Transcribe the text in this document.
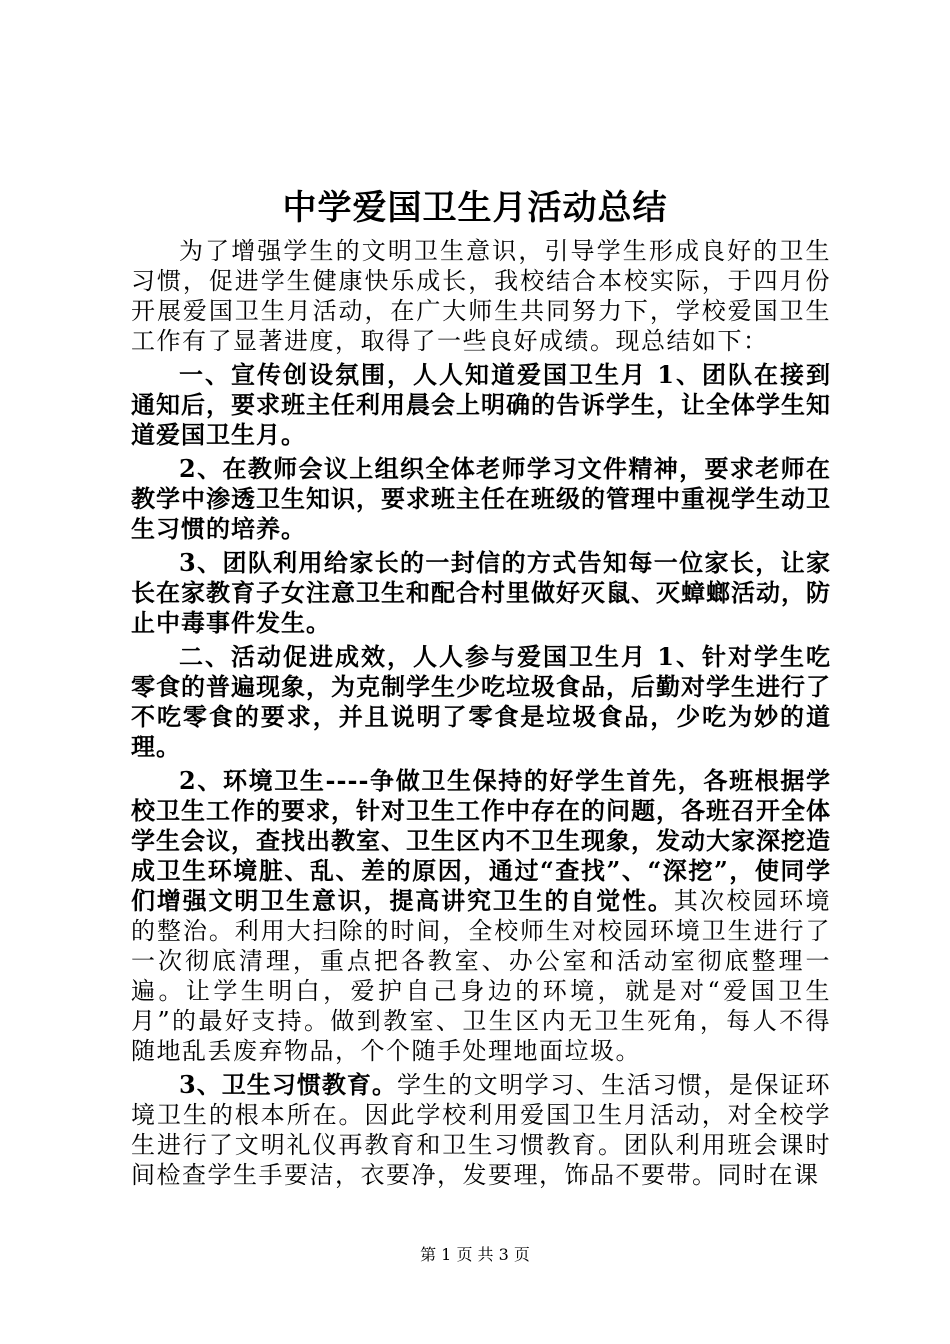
中学爱国卫生月活动总结

为了增强学生的文明卫生意识，引导学生形成良好的卫生习惯，促进学生健康快乐成长，我校结合本校实际，于四月份开展爱国卫生月活动，在广大师生共同努力下，学校爱国卫生工作有了显著进度，取得了一些良好成绩。现总结如下：

一、宣传创设氛围，人人知道爱国卫生月 1、团队在接到通知后，要求班主任利用晨会上明确的告诉学生，让全体学生知道爱国卫生月。

2、在教师会议上组织全体老师学习文件精神，要求老师在教学中渗透卫生知识，要求班主任在班级的管理中重视学生动卫生习惯的培养。

3、团队利用给家长的一封信的方式告知每一位家长，让家长在家教育子女注意卫生和配合村里做好灭鼠、灭蟑螂活动，防止中毒事件发生。

二、活动促进成效，人人参与爱国卫生月 1、针对学生吃零食的普遍现象，为克制学生少吃垃圾食品，后勤对学生进行了不吃零食的要求，并且说明了零食是垃圾食品，少吃为妙的道理。

2、环境卫生----争做卫生保持的好学生首先，各班根据学校卫生工作的要求，针对卫生工作中存在的问题，各班召开全体学生会议，查找出教室、卫生区内不卫生现象，发动大家深挖造成卫生环境脏、乱、差的原因，通过“查找”、“深挖”，使同学们增强文明卫生意识，提高讲究卫生的自觉性。其次校园环境的整治。利用大扫除的时间，全校师生对校园环境卫生进行了一次彻底清理，重点把各教室、办公室和活动室彻底整理一遍。让学生明白，爱护自己身边的环境，就是对“爱国卫生月”的最好支持。做到教室、卫生区内无卫生死角，每人不得随地乱丢废弃物品，个个随手处理地面垃圾。

3、卫生习惯教育。学生的文明学习、生活习惯，是保证环境卫生的根本所在。因此学校利用爱国卫生月活动，对全校学生进行了文明礼仪再教育和卫生习惯教育。团队利用班会课时间检查学生手要洁，衣要净，发要理，饰品不要带。同时在课

第 1 页 共 3 页
